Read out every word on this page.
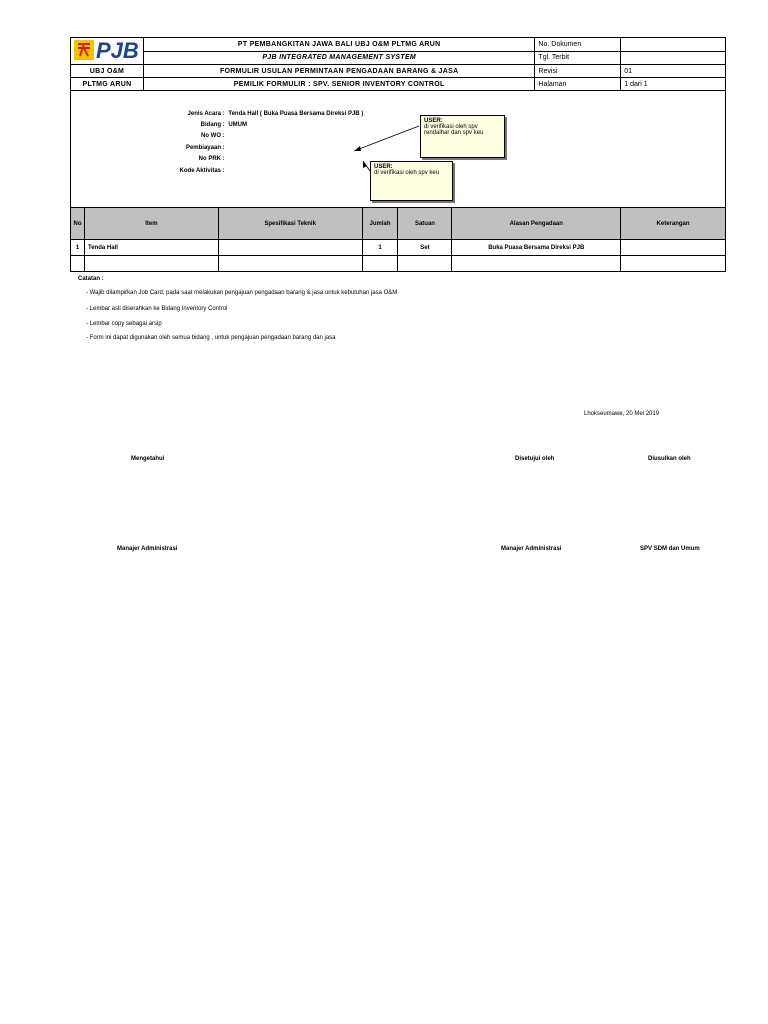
PJB	PT PEMBANGKITAN JAWA BALI UBJ O&M PLTMG ARUN	No. Dokumen	
	PJB INTEGRATED MANAGEMENT SYSTEM	Tgl. Terbit	
UBJ O&M	FORMULIR USULAN PERMINTAAN PENGADAAN BARANG & JASA	Revisi	01
PLTMG ARUN	PEMILIK FORMULIR : SPV. SENIOR INVENTORY CONTROL	Halaman	1 dari 1
Jenis Acara : Tenda Hall ( Buka Puasa Bersama Direksi PJB )
Bidang : UMUM
No WO :
Pembiayaan :
No PRK :
Kode Aktivitas :
USER:
di verifikasi oleh spv rendalhar dan spv keu
USER:
di verifikasi oleh spv keu
No	Item	Spesifikasi Teknik	Jumlah	Satuan	Alasan Pengadaan	Keterangan
1	Tenda Hall		1	Set	Buka Puasa Bersama Direksi PJB	

Catatan :
- Wajib dilampirkan Job Card, pada saat melakukan pengajuan pengadaan barang & jasa untuk kebutuhan jasa O&M
- Lembar asli diserahkan ke Bidang Inventory Control
- Lembar copy sebagai arsip
- Form ini dapat digunakan oleh semua bidang , untuk pengajuan pengadaan barang dan jasa
Lhokseumawe, 20 Mei 2019
Mengetahui	Disetujui oleh	Diusulkan oleh
Manajer Administrasi	Manajer Administrasi	SPV SDM dan Umum
